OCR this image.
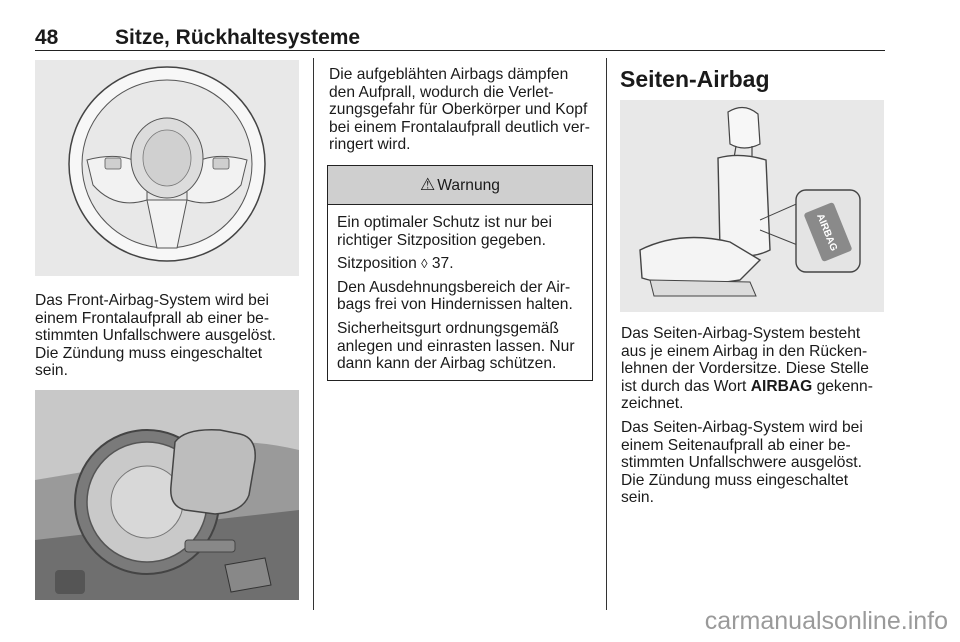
48	Sitze, Rückhaltesysteme

Das Front-Airbag-System wird bei
einem Frontalaufprall ab einer be-
stimmten Unfallschwere ausgelöst.
Die Zündung muss eingeschaltet
sein.

Die aufgeblähten Airbags dämpfen
den Aufprall, wodurch die Verlet-
zungsgefahr für Oberkörper und Kopf
bei einem Frontalaufprall deutlich ver-
ringert wird.

⚠ Warnung

Ein optimaler Schutz ist nur bei
richtiger Sitzposition gegeben.

Sitzposition ◊ 37.

Den Ausdehnungsbereich der Air-
bags frei von Hindernissen halten.

Sicherheitsgurt ordnungsgemäß
anlegen und einrasten lassen. Nur
dann kann der Airbag schützen.

Seiten-Airbag
AIRBAG

Das Seiten-Airbag-System besteht
aus je einem Airbag in den Rücken-
lehnen der Vordersitze. Diese Stelle
ist durch das Wort AIRBAG gekenn-
zeichnet.

Das Seiten-Airbag-System wird bei
einem Seitenaufprall ab einer be-
stimmten Unfallschwere ausgelöst.
Die Zündung muss eingeschaltet
sein.

carmanualsonline.info
